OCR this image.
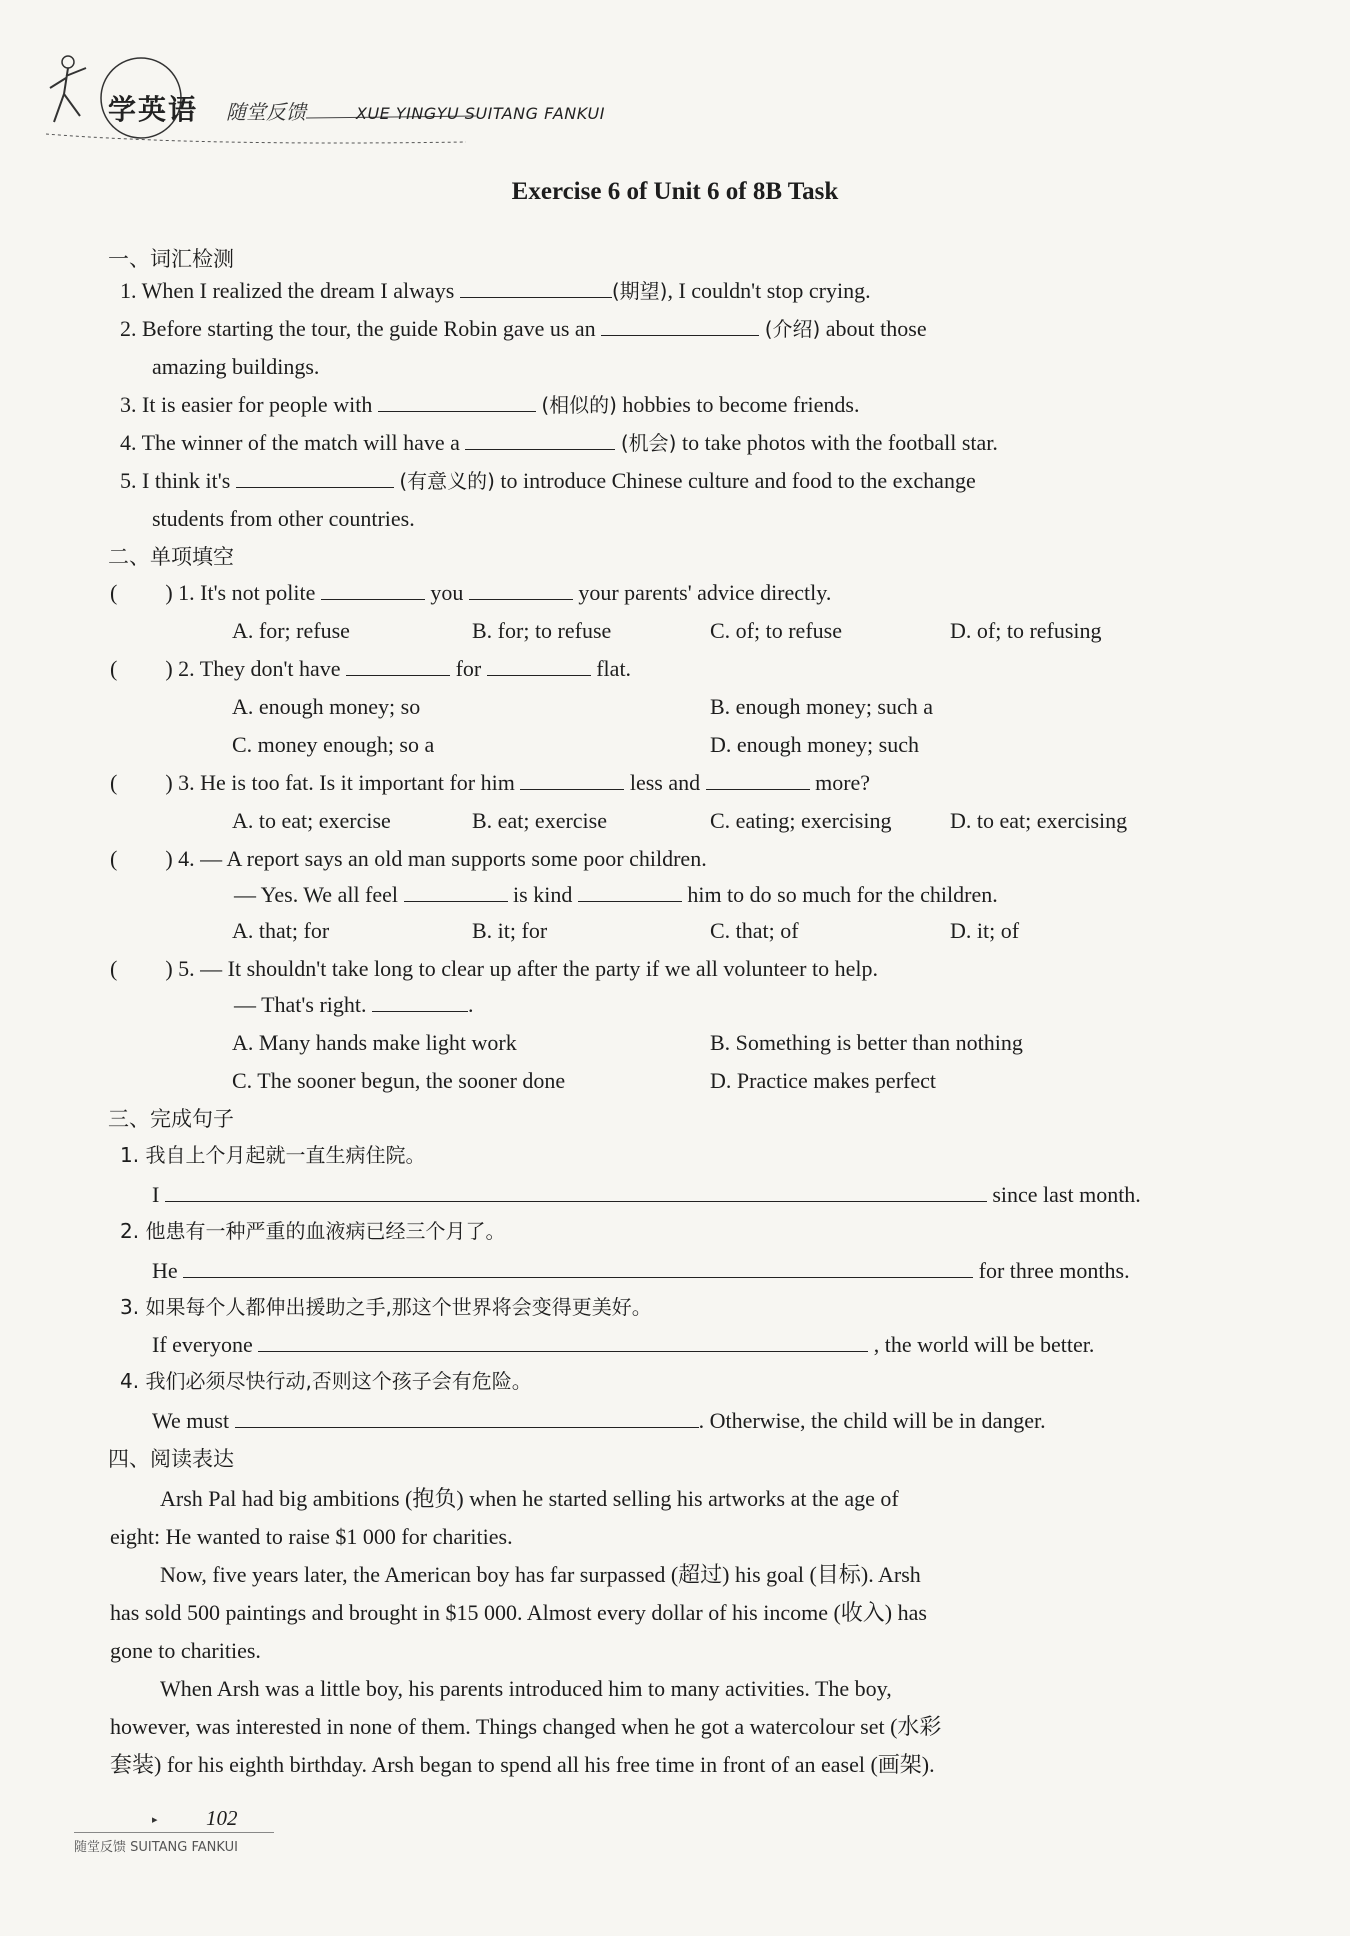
学英语 随堂反馈	XUE YINGYU SUITANG FANKUI
Exercise 6 of Unit 6 of 8B Task
一、词汇检测
1. When I realized the dream I always	(期望), I couldn't stop crying.
2. Before starting the tour, the guide Robin gave us an	(介绍) about those
amazing buildings.
3. It is easier for people with	(相似的) hobbies to become friends.
4. The winner of the match will have a	(机会) to take photos with the football star.
5. I think it's	(有意义的) to introduce Chinese culture and food to the exchange
students from other countries.
二、单项填空
( ) 1. It's not polite	you	your parents' advice directly.
A. for; refuse	B. for; to refuse	C. of; to refuse	D. of; to refusing
( ) 2. They don't have	for	flat.
A. enough money; so	B. enough money; such a
C. money enough; so a	D. enough money; such
( ) 3. He is too fat. Is it important for him	less and	more?
A. to eat; exercise	B. eat; exercise	C. eating; exercising	D. to eat; exercising
( ) 4. — A report says an old man supports some poor children.
— Yes. We all feel	is kind	him to do so much for the children.
A. that; for	B. it; for	C. that; of	D. it; of
( ) 5. — It shouldn't take long to clear up after the party if we all volunteer to help.
— That's right.	.
A. Many hands make light work	B. Something is better than nothing
C. The sooner begun, the sooner done	D. Practice makes perfect
三、完成句子
1. 我自上个月起就一直生病住院。
I	since last month.
2. 他患有一种严重的血液病已经三个月了。
He	for three months.
3. 如果每个人都伸出援助之手,那这个世界将会变得更美好。
If everyone	, the world will be better.
4. 我们必须尽快行动,否则这个孩子会有危险。
We must	. Otherwise, the child will be in danger.
四、阅读表达
Arsh Pal had big ambitions (抱负) when he started selling his artworks at the age of
eight: He wanted to raise $1 000 for charities.
Now, five years later, the American boy has far surpassed (超过) his goal (目标). Arsh
has sold 500 paintings and brought in $15 000. Almost every dollar of his income (收入) has
gone to charities.
When Arsh was a little boy, his parents introduced him to many activities. The boy,
however, was interested in none of them. Things changed when he got a watercolour set (水彩
套装) for his eighth birthday. Arsh began to spend all his free time in front of an easel (画架).
▸ 102
随堂反馈 SUITANG FANKUI
